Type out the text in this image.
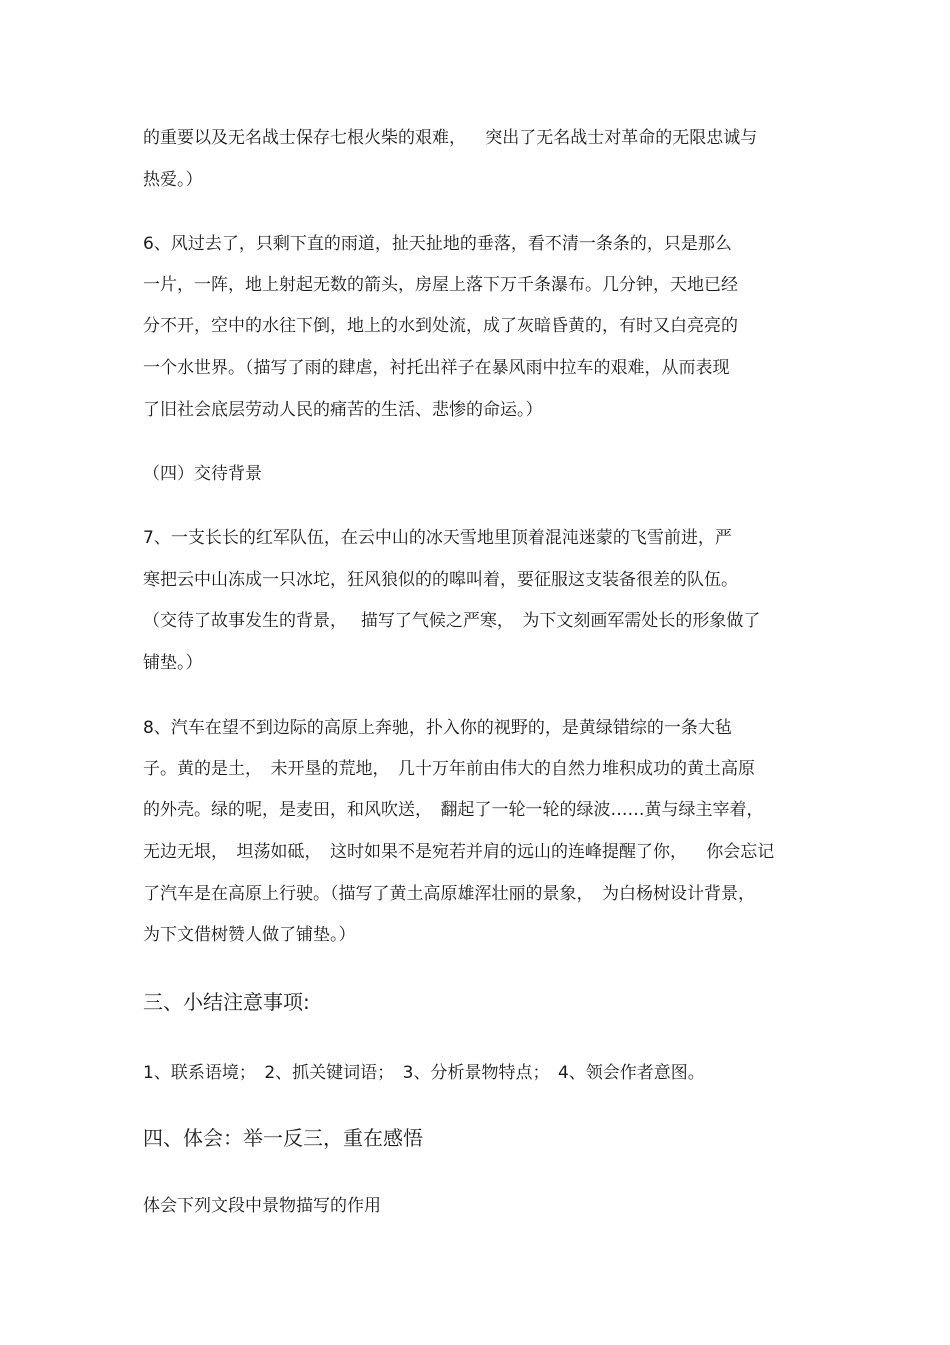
的重要以及无名战士保存七根火柴的艰难，　  突出了无名战士对革命的无限忠诚与
热爱。）
6、风过去了，只剩下直的雨道，扯天扯地的垂落，看不清一条条的，只是那么
一片，一阵，地上射起无数的箭头，房屋上落下万千条瀑布。几分钟，天地已经
分不开，空中的水往下倒，地上的水到处流，成了灰暗昏黄的，有时又白亮亮的
一个水世界。（描写了雨的肆虐，衬托出祥子在暴风雨中拉车的艰难，从而表现
了旧社会底层劳动人民的痛苦的生活、悲惨的命运。）
（四）交待背景
7、一支长长的红军队伍，在云中山的冰天雪地里顶着混沌迷蒙的飞雪前进，严
寒把云中山冻成一只冰坨，狂风狼似的的嗥叫着，要征服这支装备很差的队伍。
（交待了故事发生的背景，　 描写了气候之严寒，　为下文刻画军需处长的形象做了
铺垫。）
8、汽车在望不到边际的高原上奔驰，扑入你的视野的，是黄绿错综的一条大毡
子。黄的是土，　未开垦的荒地，　几十万年前由伟大的自然力堆积成功的黄土高原
的外壳。绿的呢，是麦田，和风吹送，　翻起了一轮一轮的绿波……黄与绿主宰着，
无边无垠，　坦荡如砥，　这时如果不是宛若并肩的远山的连峰提醒了你，　  你会忘记
了汽车是在高原上行驶。（描写了黄土高原雄浑壮丽的景象，　为白杨树设计背景，
为下文借树赞人做了铺垫。）
三、小结注意事项:
1、联系语境；　2、抓关键词语；　3、分析景物特点；　4、领会作者意图。
四、体会：举一反三，重在感悟
体会下列文段中景物描写的作用
